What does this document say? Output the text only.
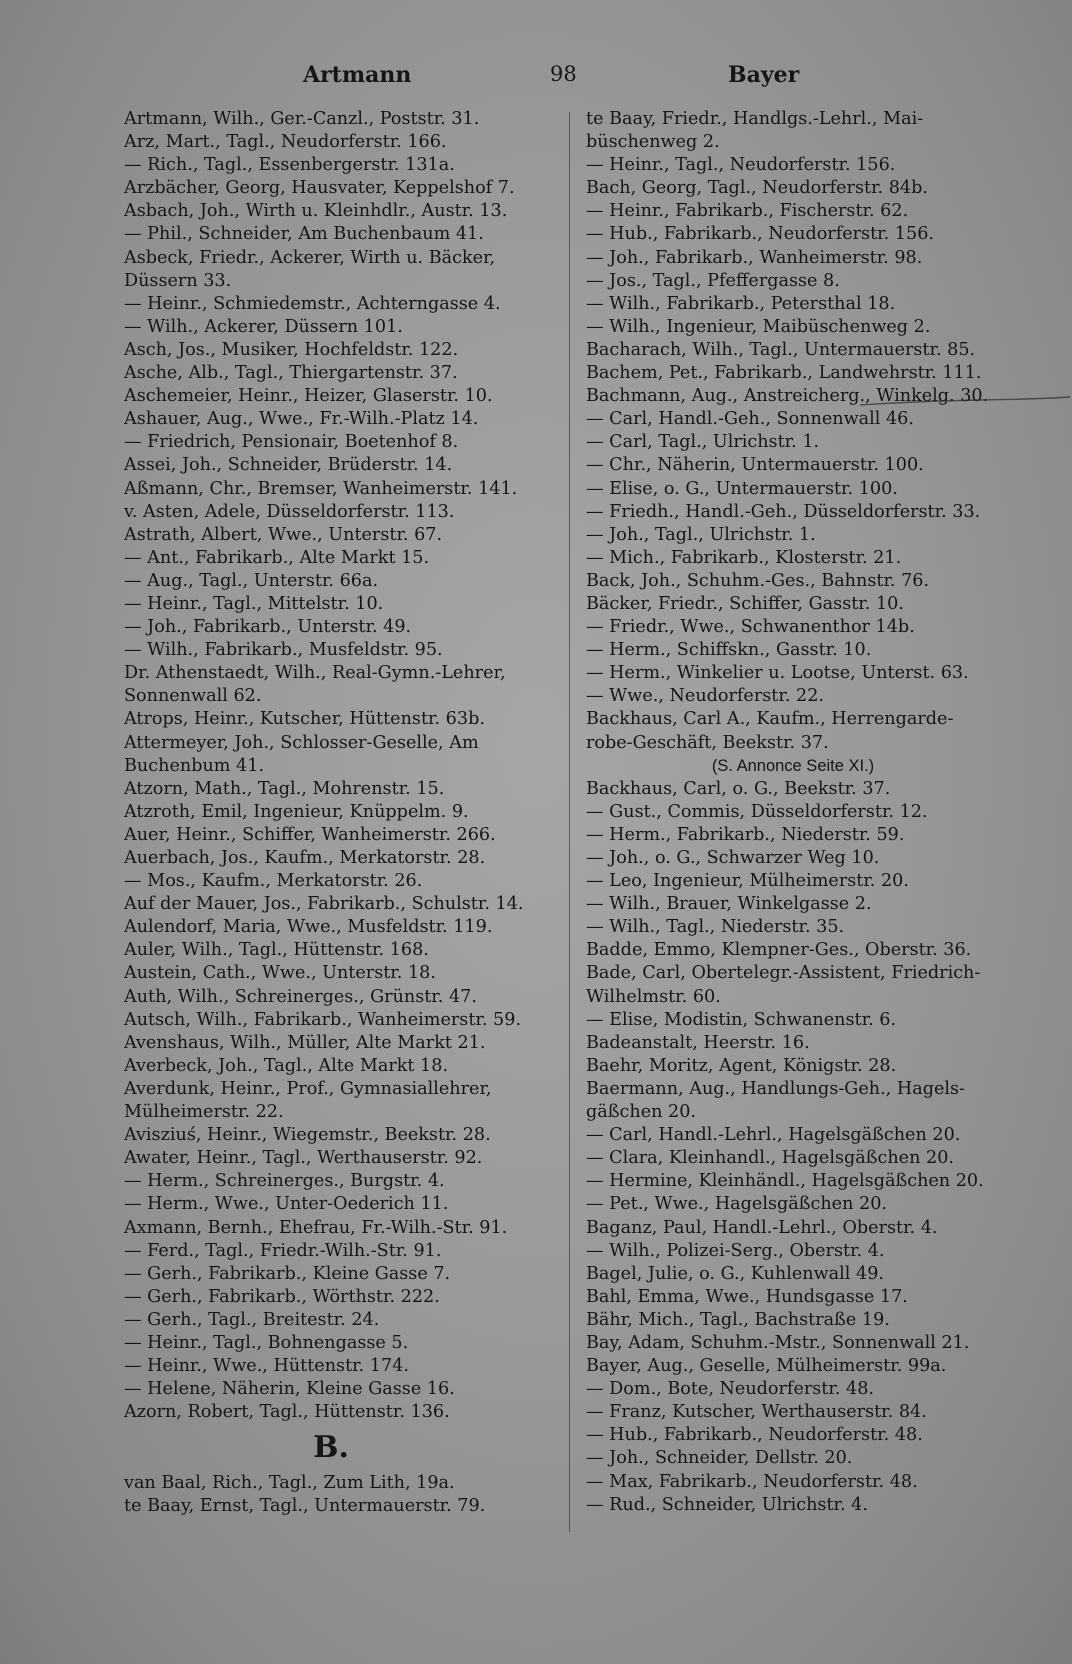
Artmann	98	Bayer
Artmann, Wilh., Ger.-Canzl., Poststr. 31.
Arz, Mart., Tagl., Neudorferstr. 166.
— Rich., Tagl., Essenbergerstr. 131a.
Arzbächer, Georg, Hausvater, Keppelshof 7.
Asbach, Joh., Wirth u. Kleinhdlr., Austr. 13.
— Phil., Schneider, Am Buchenbaum 41.
Asbeck, Friedr., Ackerer, Wirth u. Bäcker,
Düssern 33.
— Heinr., Schmiedemstr., Achterngasse 4.
— Wilh., Ackerer, Düssern 101.
Asch, Jos., Musiker, Hochfeldstr. 122.
Asche, Alb., Tagl., Thiergartenstr. 37.
Aschemeier, Heinr., Heizer, Glaserstr. 10.
Ashauer, Aug., Wwe., Fr.-Wilh.-Platz 14.
— Friedrich, Pensionair, Boetenhof 8.
Assei, Joh., Schneider, Brüderstr. 14.
Aßmann, Chr., Bremser, Wanheimerstr. 141.
v. Asten, Adele, Düsseldorferstr. 113.
Astrath, Albert, Wwe., Unterstr. 67.
— Ant., Fabrikarb., Alte Markt 15.
— Aug., Tagl., Unterstr. 66a.
— Heinr., Tagl., Mittelstr. 10.
— Joh., Fabrikarb., Unterstr. 49.
— Wilh., Fabrikarb., Musfeldstr. 95.
Dr. Athenstaedt, Wilh., Real-Gymn.-Lehrer,
Sonnenwall 62.
Atrops, Heinr., Kutscher, Hüttenstr. 63b.
Attermeyer, Joh., Schlosser-Geselle, Am
Buchenbum 41.
Atzorn, Math., Tagl., Mohrenstr. 15.
Atzroth, Emil, Ingenieur, Knüppelm. 9.
Auer, Heinr., Schiffer, Wanheimerstr. 266.
Auerbach, Jos., Kaufm., Merkatorstr. 28.
— Mos., Kaufm., Merkatorstr. 26.
Auf der Mauer, Jos., Fabrikarb., Schulstr. 14.
Aulendorf, Maria, Wwe., Musfeldstr. 119.
Auler, Wilh., Tagl., Hüttenstr. 168.
Austein, Cath., Wwe., Unterstr. 18.
Auth, Wilh., Schreinerges., Grünstr. 47.
Autsch, Wilh., Fabrikarb., Wanheimerstr. 59.
Avenshaus, Wilh., Müller, Alte Markt 21.
Averbeck, Joh., Tagl., Alte Markt 18.
Averdunk, Heinr., Prof., Gymnasiallehrer,
Mülheimerstr. 22.
Avisziuś, Heinr., Wiegemstr., Beekstr. 28.
Awater, Heinr., Tagl., Werthauserstr. 92.
— Herm., Schreinerges., Burgstr. 4.
— Herm., Wwe., Unter-Oederich 11.
Axmann, Bernh., Ehefrau, Fr.-Wilh.-Str. 91.
— Ferd., Tagl., Friedr.-Wilh.-Str. 91.
— Gerh., Fabrikarb., Kleine Gasse 7.
— Gerh., Fabrikarb., Wörthstr. 222.
— Gerh., Tagl., Breitestr. 24.
— Heinr., Tagl., Bohnengasse 5.
— Heinr., Wwe., Hüttenstr. 174.
— Helene, Näherin, Kleine Gasse 16.
Azorn, Robert, Tagl., Hüttenstr. 136.
B.
van Baal, Rich., Tagl., Zum Lith, 19a.
te Baay, Ernst, Tagl., Untermauerstr. 79.
te Baay, Friedr., Handlgs.-Lehrl., Mai-
büschenweg 2.
— Heinr., Tagl., Neudorferstr. 156.
Bach, Georg, Tagl., Neudorferstr. 84b.
— Heinr., Fabrikarb., Fischerstr. 62.
— Hub., Fabrikarb., Neudorferstr. 156.
— Joh., Fabrikarb., Wanheimerstr. 98.
— Jos., Tagl., Pfeffergasse 8.
— Wilh., Fabrikarb., Petersthal 18.
— Wilh., Ingenieur, Maibüschenweg 2.
Bacharach, Wilh., Tagl., Untermauerstr. 85.
Bachem, Pet., Fabrikarb., Landwehrstr. 111.
Bachmann, Aug., Anstreicherg., Winkelg. 30.
— Carl, Handl.-Geh., Sonnenwall 46.
— Carl, Tagl., Ulrichstr. 1.
— Chr., Näherin, Untermauerstr. 100.
— Elise, o. G., Untermauerstr. 100.
— Friedh., Handl.-Geh., Düsseldorferstr. 33.
— Joh., Tagl., Ulrichstr. 1.
— Mich., Fabrikarb., Klosterstr. 21.
Back, Joh., Schuhm.-Ges., Bahnstr. 76.
Bäcker, Friedr., Schiffer, Gasstr. 10.
— Friedr., Wwe., Schwanenthor 14b.
— Herm., Schiffskn., Gasstr. 10.
— Herm., Winkelier u. Lootse, Unterst. 63.
— Wwe., Neudorferstr. 22.
Backhaus, Carl A., Kaufm., Herrengarde-
robe-Geschäft, Beekstr. 37.
(S. Annonce Seite XI.)
Backhaus, Carl, o. G., Beekstr. 37.
— Gust., Commis, Düsseldorferstr. 12.
— Herm., Fabrikarb., Niederstr. 59.
— Joh., o. G., Schwarzer Weg 10.
— Leo, Ingenieur, Mülheimerstr. 20.
— Wilh., Brauer, Winkelgasse 2.
— Wilh., Tagl., Niederstr. 35.
Badde, Emmo, Klempner-Ges., Oberstr. 36.
Bade, Carl, Obertelegr.-Assistent, Friedrich-
Wilhelmstr. 60.
— Elise, Modistin, Schwanenstr. 6.
Badeanstalt, Heerstr. 16.
Baehr, Moritz, Agent, Königstr. 28.
Baermann, Aug., Handlungs-Geh., Hagels-
gäßchen 20.
— Carl, Handl.-Lehrl., Hagelsgäßchen 20.
— Clara, Kleinhandl., Hagelsgäßchen 20.
— Hermine, Kleinhändl., Hagelsgäßchen 20.
— Pet., Wwe., Hagelsgäßchen 20.
Baganz, Paul, Handl.-Lehrl., Oberstr. 4.
— Wilh., Polizei-Serg., Oberstr. 4.
Bagel, Julie, o. G., Kuhlenwall 49.
Bahl, Emma, Wwe., Hundsgasse 17.
Bähr, Mich., Tagl., Bachstraße 19.
Bay, Adam, Schuhm.-Mstr., Sonnenwall 21.
Bayer, Aug., Geselle, Mülheimerstr. 99a.
— Dom., Bote, Neudorferstr. 48.
— Franz, Kutscher, Werthauserstr. 84.
— Hub., Fabrikarb., Neudorferstr. 48.
— Joh., Schneider, Dellstr. 20.
— Max, Fabrikarb., Neudorferstr. 48.
— Rud., Schneider, Ulrichstr. 4.
